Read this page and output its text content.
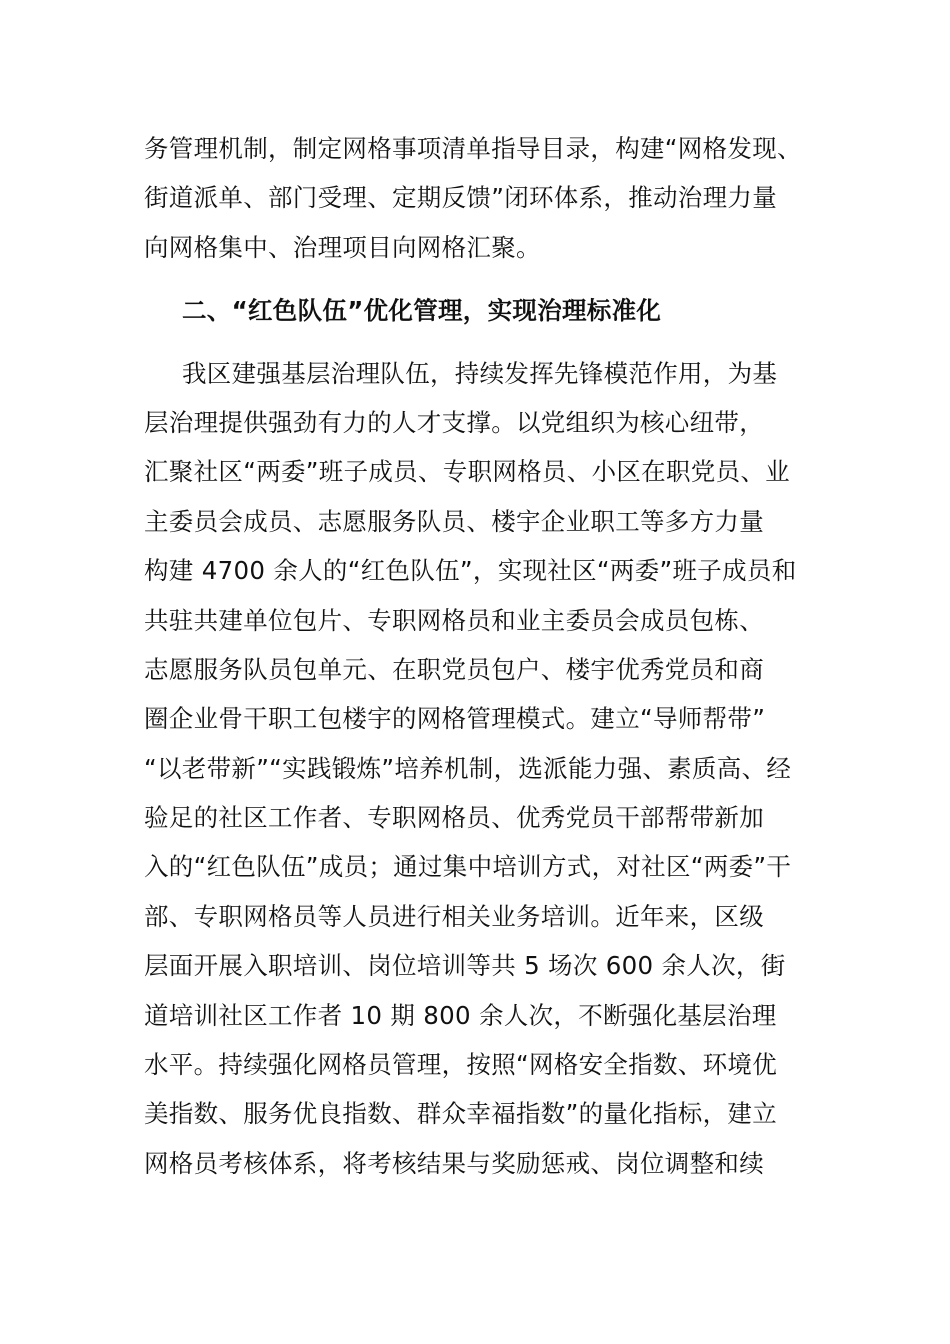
务管理机制，制定网格事项清单指导目录，构建“网格发现、
街道派单、部门受理、定期反馈”闭环体系，推动治理力量
向网格集中、治理项目向网格汇聚。
二、“红色队伍”优化管理，实现治理标准化
我区建强基层治理队伍，持续发挥先锋模范作用，为基
层治理提供强劲有力的人才支撑。以党组织为核心纽带，
汇聚社区“两委”班子成员、专职网格员、小区在职党员、业
主委员会成员、志愿服务队员、楼宇企业职工等多方力量
构建 4700 余人的“红色队伍”，实现社区“两委”班子成员和
共驻共建单位包片、专职网格员和业主委员会成员包栋、
志愿服务队员包单元、在职党员包户、楼宇优秀党员和商
圈企业骨干职工包楼宇的网格管理模式。建立“导师帮带”
“以老带新”“实践锻炼”培养机制，选派能力强、素质高、经
验足的社区工作者、专职网格员、优秀党员干部帮带新加
入的“红色队伍”成员；通过集中培训方式，对社区“两委”干
部、专职网格员等人员进行相关业务培训。近年来，区级
层面开展入职培训、岗位培训等共 5 场次 600 余人次，街
道培训社区工作者 10 期 800 余人次，不断强化基层治理
水平。持续强化网格员管理，按照“网格安全指数、环境优
美指数、服务优良指数、群众幸福指数”的量化指标，建立
网格员考核体系，将考核结果与奖励惩戒、岗位调整和续
